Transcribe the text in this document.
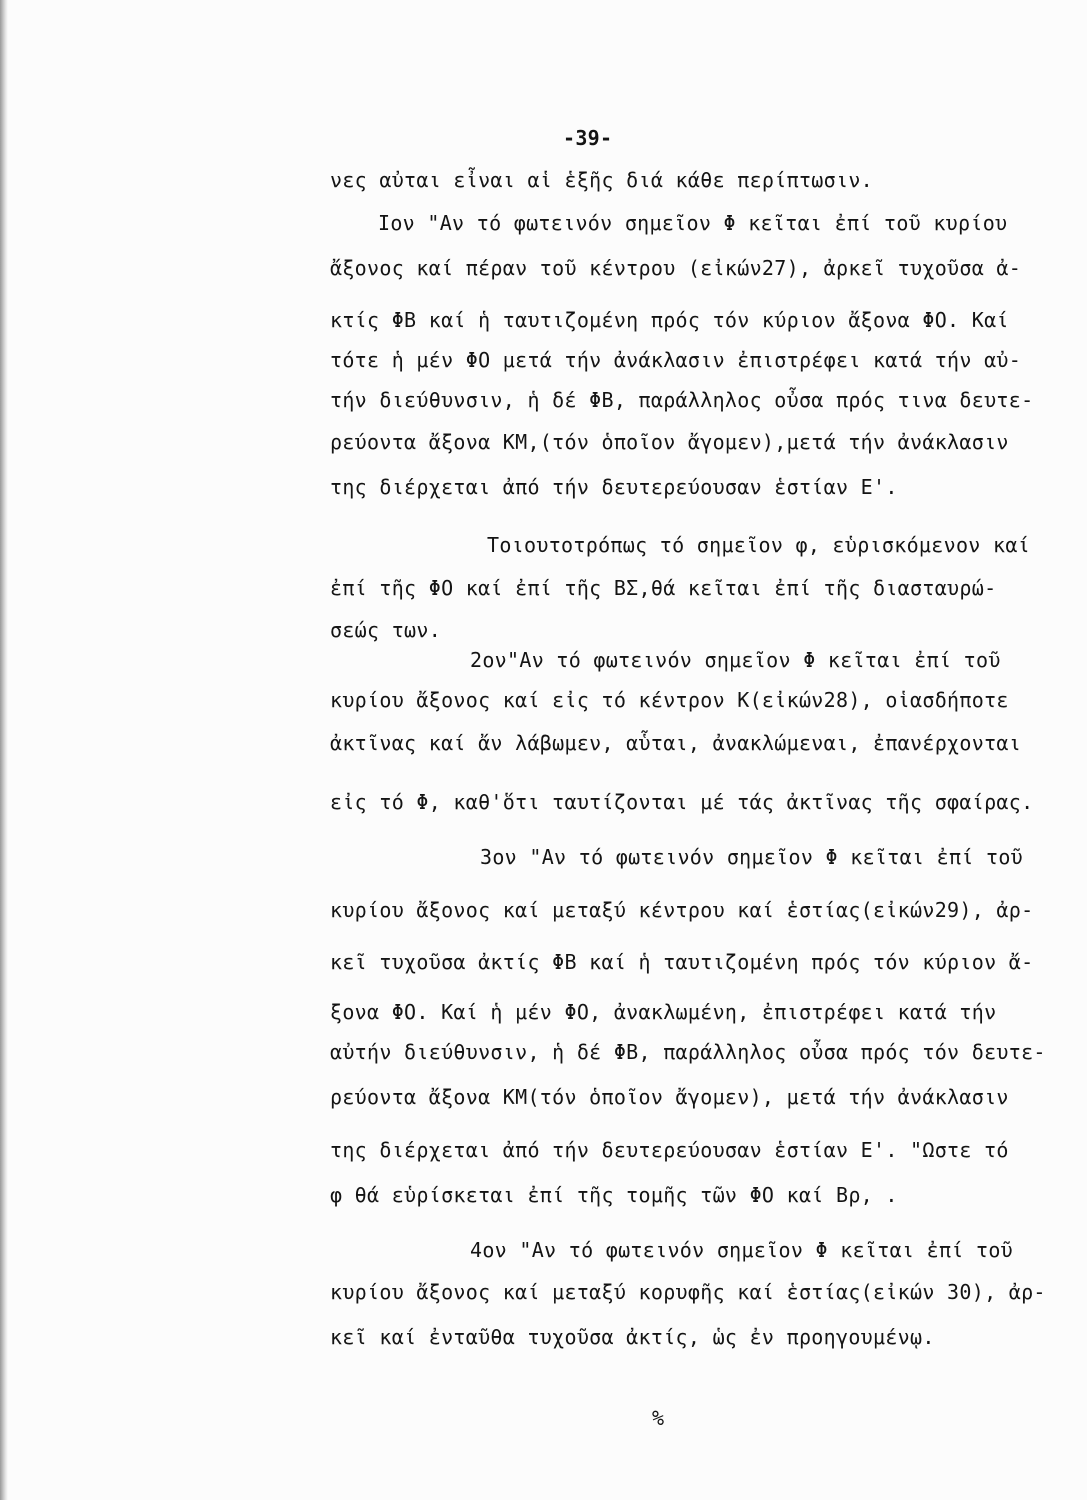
-39-
νες αὐται εἶναι αἱ ἑξῆς διά κάθε περίπτωσιν.
Ιον "Αν τό φωτεινόν σημεῖον Φ κεῖται ἐπί τοῦ κυρίου
ἄξονος καί πέραν τοῦ κέντρου (εἰκών27), ἀρκεῖ τυχοῦσα ἀ-
κτίς ΦΒ καί ἡ ταυτιζομένη πρός τόν κύριον ἄξονα ΦΟ. Καί
τότε ἡ μέν ΦΟ μετά τήν ἀνάκλασιν ἐπιστρέφει κατά τήν αὐ-
τήν διεύθυνσιν, ἡ δέ ΦΒ, παράλληλος οὖσα πρός τινα δευτε-
ρεύοντα ἄξονα ΚΜ,(τόν ὁποῖον ἄγομεν),μετά τήν ἀνάκλασιν
της διέρχεται ἀπό τήν δευτερεύουσαν ἑστίαν Ε'.
Τοιουτοτρόπως τό σημεῖον φ, εὑρισκόμενον καί
ἐπί τῆς ΦΟ καί ἐπί τῆς ΒΣ,θά κεῖται ἐπί τῆς διασταυρώ-
σεώς των.
2ον"Αν τό φωτεινόν σημεῖον Φ κεῖται ἐπί τοῦ
κυρίου ἄξονος καί εἰς τό κέντρον Κ(εἰκών28), οἱασδήποτε
ἀκτῖνας καί ἄν λάβωμεν, αὗται, ἀνακλώμεναι, ἐπανέρχονται
εἰς τό Φ, καθ'ὅτι ταυτίζονται μέ τάς ἀκτῖνας τῆς σφαίρας.
3ον "Αν τό φωτεινόν σημεῖον Φ κεῖται ἐπί τοῦ
κυρίου ἄξονος καί μεταξύ κέντρου καί ἑστίας(εἰκών29), ἀρ-
κεῖ τυχοῦσα ἀκτίς ΦΒ καί ἡ ταυτιζομένη πρός τόν κύριον ἄ-
ξονα ΦΟ. Καί ἡ μέν ΦΟ, ἀνακλωμένη, ἐπιστρέφει κατά τήν
αὐτήν διεύθυνσιν, ἡ δέ ΦΒ, παράλληλος οὖσα πρός τόν δευτε-
ρεύοντα ἄξονα ΚΜ(τόν ὁποῖον ἄγομεν), μετά τήν ἀνάκλασιν
της διέρχεται ἀπό τήν δευτερεύουσαν ἑστίαν Ε'. "Ωστε τό
φ θά εὑρίσκεται ἐπί τῆς τομῆς τῶν ΦΟ καί Βρ, .
4ον "Αν τό φωτεινόν σημεῖον Φ κεῖται ἐπί τοῦ
κυρίου ἄξονος καί μεταξύ κορυφῆς καί ἑστίας(εἰκών 30), ἀρ-
κεῖ καί ἐνταῦθα τυχοῦσα ἀκτίς, ὡς ἐν προηγουμένῳ.
%
